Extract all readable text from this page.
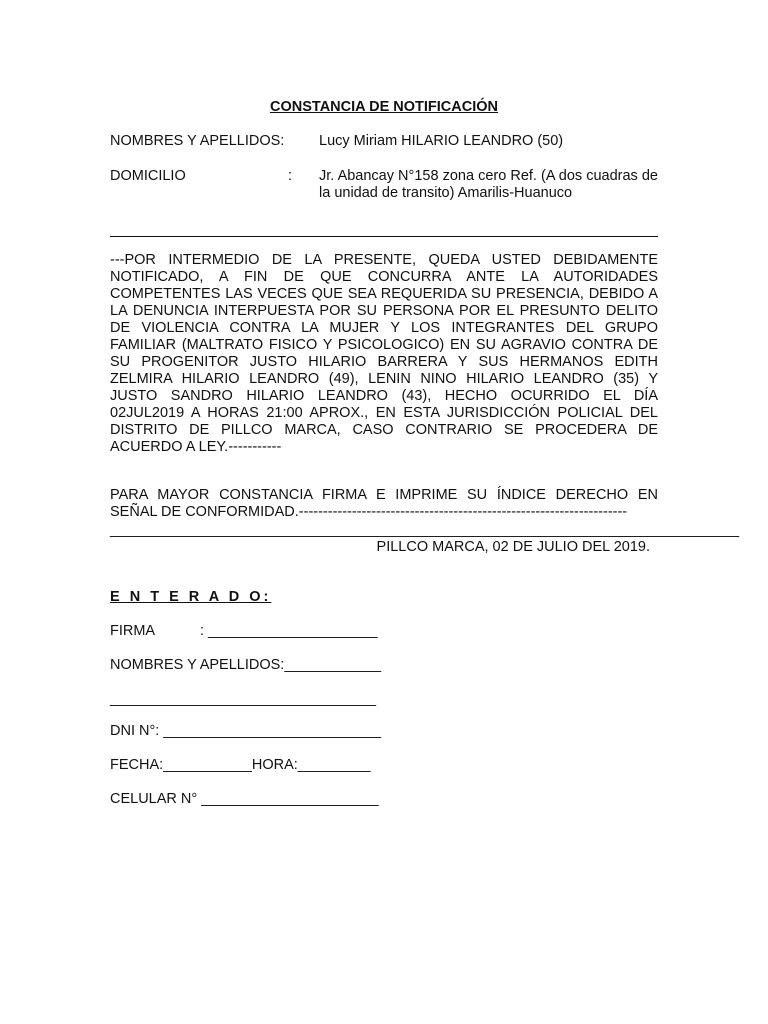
CONSTANCIA DE NOTIFICACIÓN
NOMBRES Y APELLIDOS: Lucy Miriam HILARIO LEANDRO (50)
DOMICILIO	: Jr. Abancay N°158 zona cero Ref. (A dos cuadras de la unidad de transito) Amarilis-Huanuco
---POR INTERMEDIO DE LA PRESENTE, QUEDA USTED DEBIDAMENTE NOTIFICADO, A FIN DE QUE CONCURRA ANTE LA AUTORIDADES COMPETENTES LAS VECES QUE SEA REQUERIDA SU PRESENCIA, DEBIDO A LA DENUNCIA INTERPUESTA POR SU PERSONA POR EL PRESUNTO DELITO DE VIOLENCIA CONTRA LA MUJER Y LOS INTEGRANTES DEL GRUPO FAMILIAR (MALTRATO FISICO Y PSICOLOGICO) EN SU AGRAVIO CONTRA DE SU PROGENITOR JUSTO HILARIO BARRERA Y SUS HERMANOS EDITH ZELMIRA HILARIO LEANDRO (49), LENIN NINO HILARIO LEANDRO (35) Y JUSTO SANDRO HILARIO LEANDRO (43), HECHO OCURRIDO EL DÍA 02JUL2019 A HORAS 21:00 APROX., EN ESTA JURISDICCIÓN POLICIAL DEL DISTRITO DE PILLCO MARCA, CASO CONTRARIO SE PROCEDERA DE ACUERDO A LEY.-----------
PARA MAYOR CONSTANCIA FIRMA E IMPRIME SU ÍNDICE DERECHO EN SEÑAL DE CONFORMIDAD.--------------------------------------------------------------------
______________________________________________________________________________
PILLCO MARCA, 02 DE JULIO DEL 2019.
E N T E R A D O:
FIRMA	: _____________________
NOMBRES Y APELLIDOS:____________
_________________________________
DNI N°: ___________________________
FECHA:___________HORA:_________
CELULAR N° ______________________
